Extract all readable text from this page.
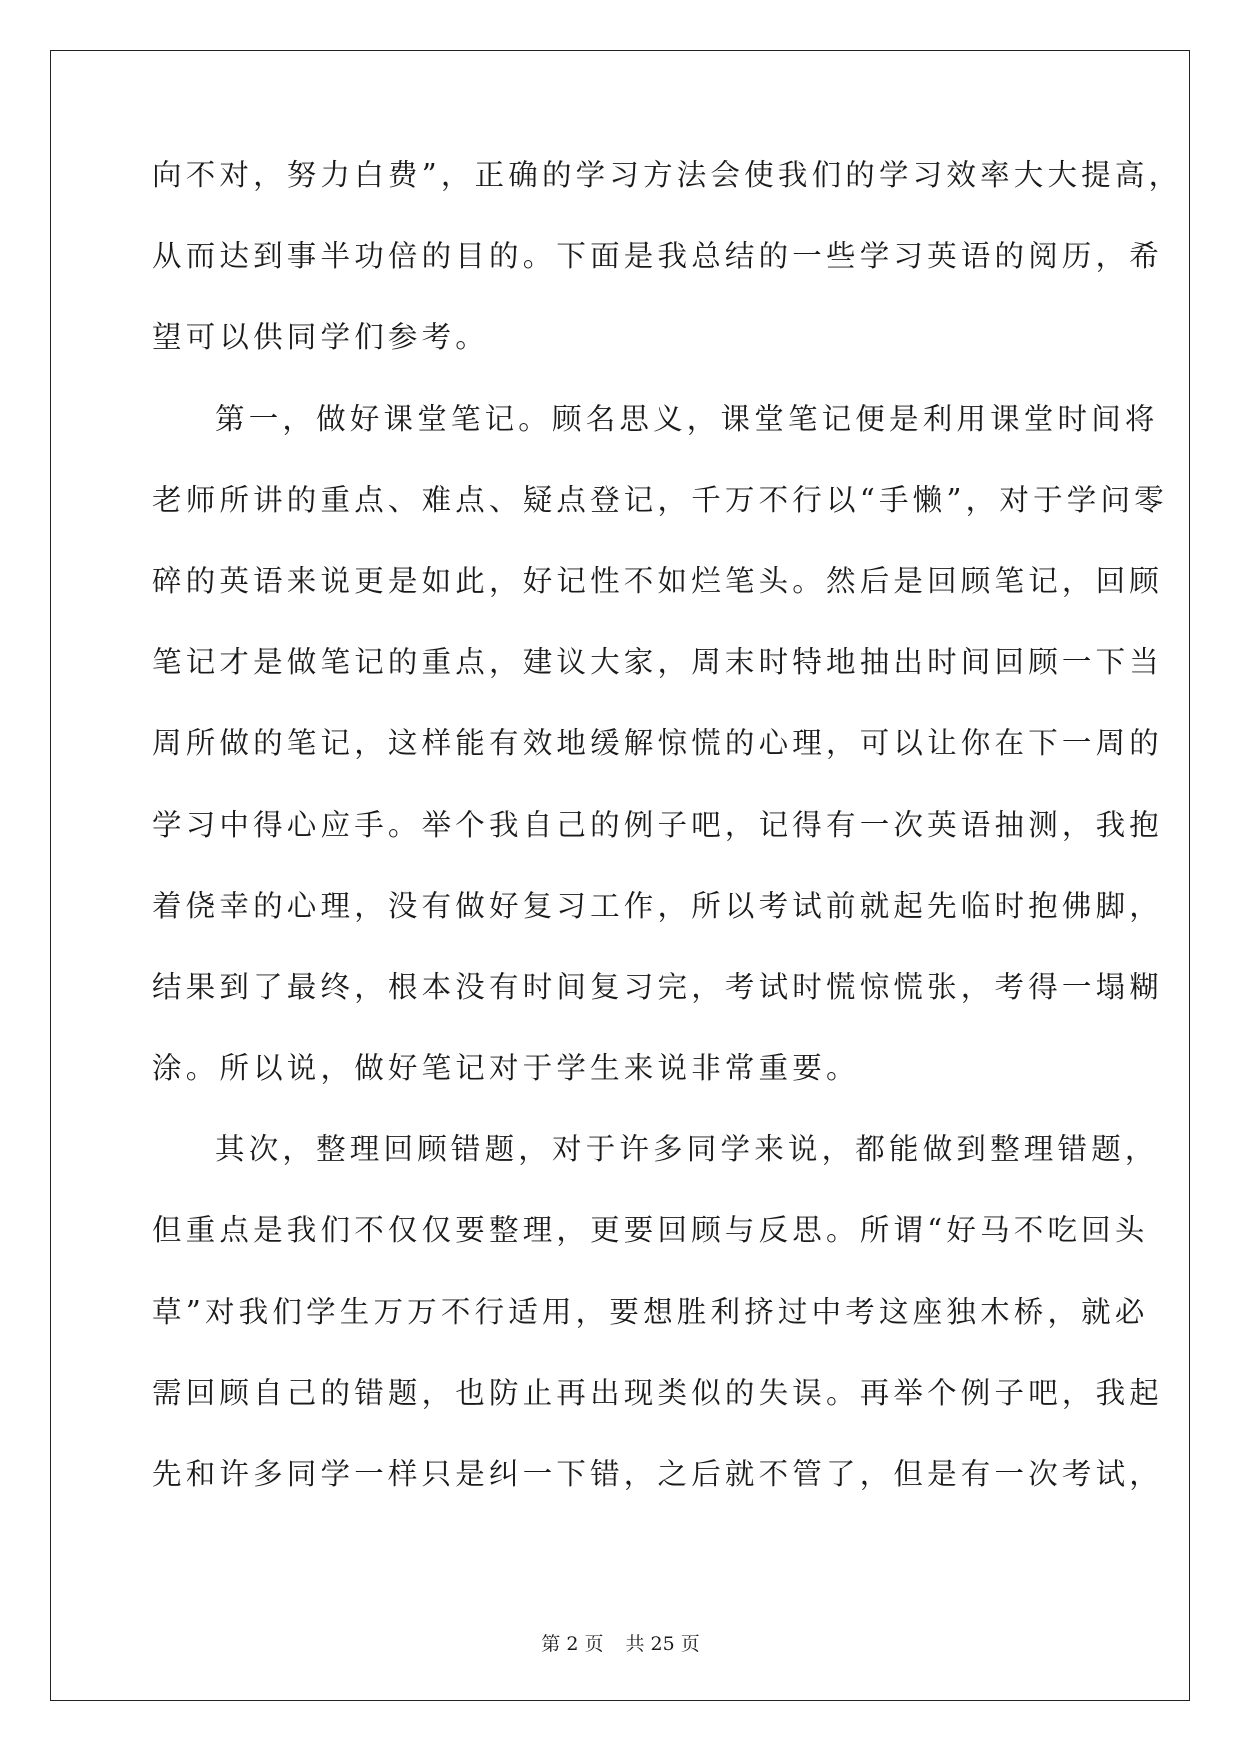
向不对，努力白费”，正确的学习方法会使我们的学习效率大大提高，
从而达到事半功倍的目的。下面是我总结的一些学习英语的阅历，希
望可以供同学们参考。
第一，做好课堂笔记。顾名思义，课堂笔记便是利用课堂时间将
老师所讲的重点、难点、疑点登记，千万不行以“手懒”，对于学问零
碎的英语来说更是如此，好记性不如烂笔头。然后是回顾笔记，回顾
笔记才是做笔记的重点，建议大家，周末时特地抽出时间回顾一下当
周所做的笔记，这样能有效地缓解惊慌的心理，可以让你在下一周的
学习中得心应手。举个我自己的例子吧，记得有一次英语抽测，我抱
着侥幸的心理，没有做好复习工作，所以考试前就起先临时抱佛脚，
结果到了最终，根本没有时间复习完，考试时慌惊慌张，考得一塌糊
涂。所以说，做好笔记对于学生来说非常重要。
其次，整理回顾错题，对于许多同学来说，都能做到整理错题，
但重点是我们不仅仅要整理，更要回顾与反思。所谓“好马不吃回头
草”对我们学生万万不行适用，要想胜利挤过中考这座独木桥，就必
需回顾自己的错题，也防止再出现类似的失误。再举个例子吧，我起
先和许多同学一样只是纠一下错，之后就不管了，但是有一次考试，
第 2 页 共 25 页
